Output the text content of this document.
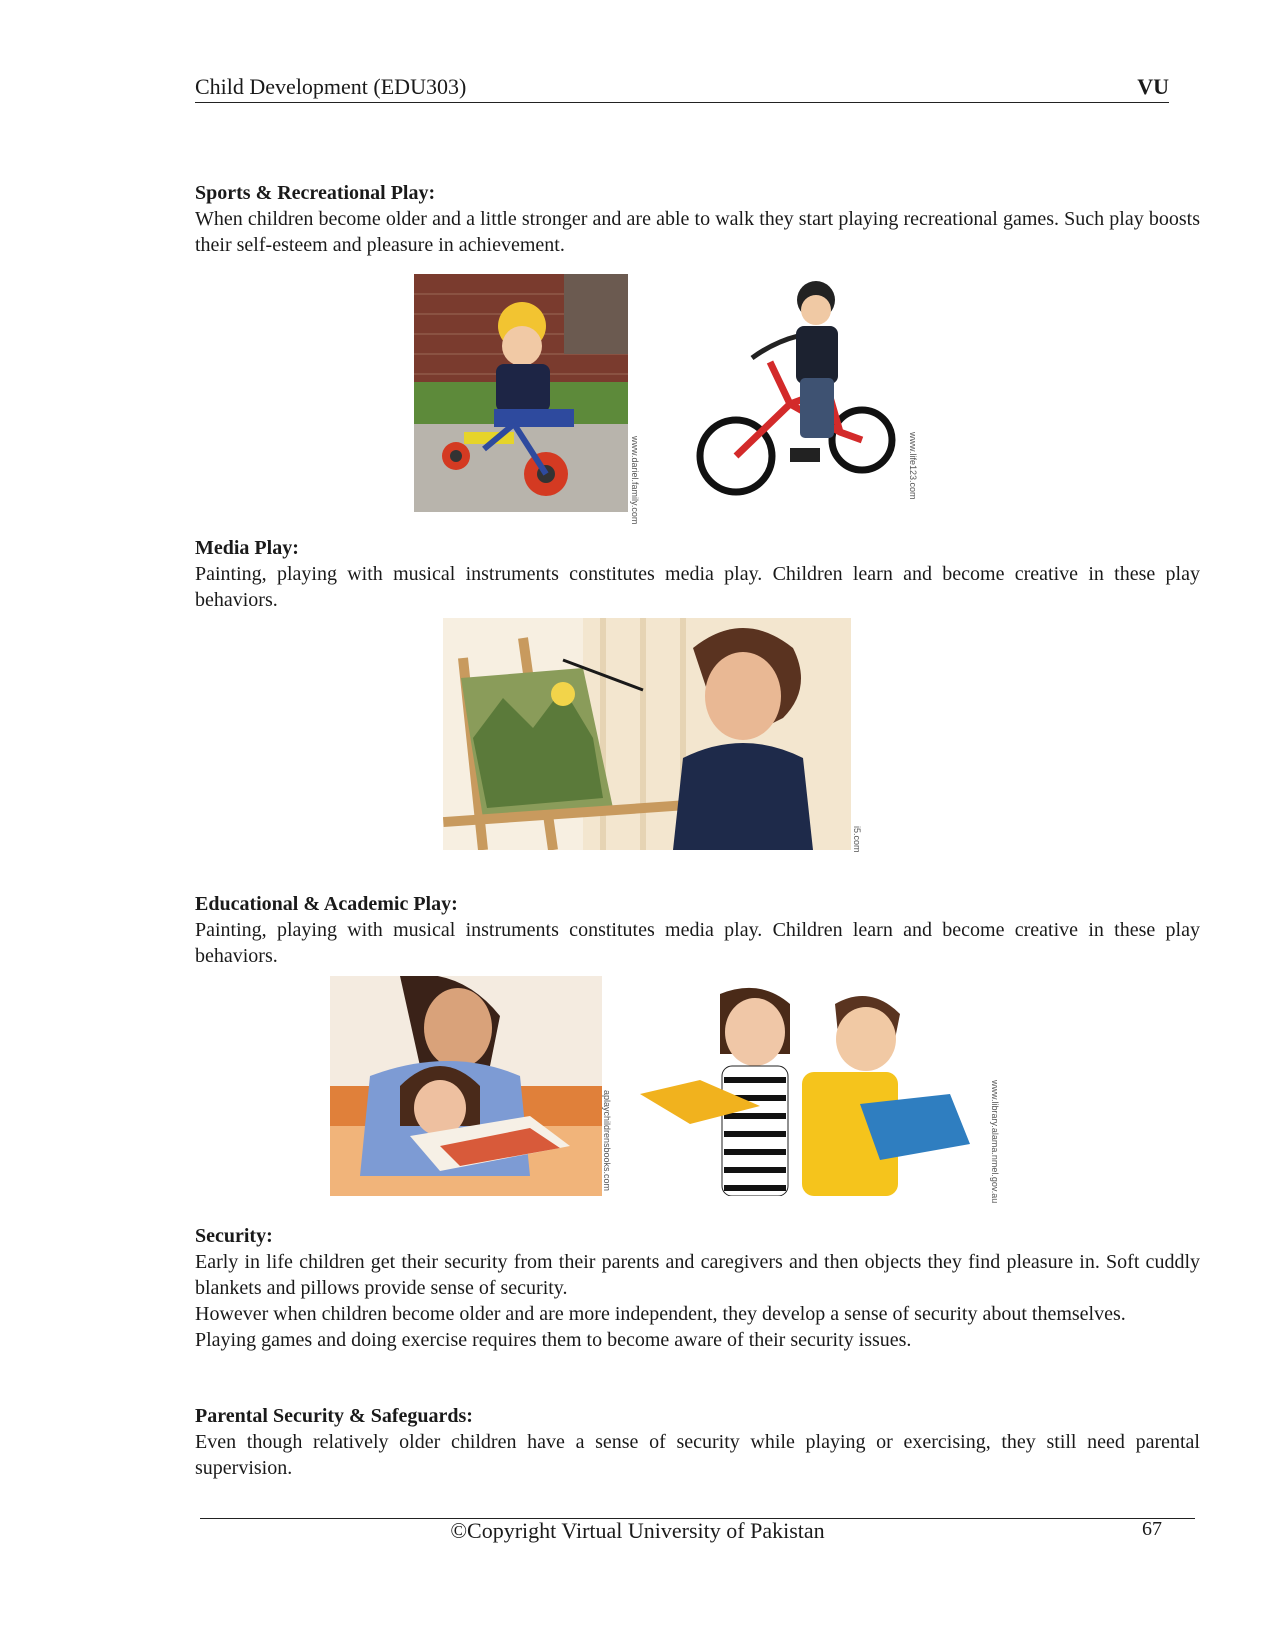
Child Development (EDU303)	VU
Sports & Recreational Play:

When children become older and a little stronger and are able to walk they start playing recreational games. Such play boosts their self-esteem and pleasure in achievement.

www.dariel.family.com	www.life123.com
Media Play:

Painting, playing with musical instruments constitutes media play. Children learn and become creative in these play behaviors.

i5.com
Educational & Academic Play:

Painting, playing with musical instruments constitutes media play. Children learn and become creative in these play behaviors.

aplaychildrensbooks.com	www.library.alama.nmel.gov.au
Security:

Early in life children get their security from their parents and caregivers and then objects they find pleasure in. Soft cuddly blankets and pillows provide sense of security.

However when children become older and are more independent, they develop a sense of security about themselves.

Playing games and doing exercise requires them to become aware of their security issues.

Parental Security & Safeguards:

Even though relatively older children have a sense of security while playing or exercising, they still need parental supervision.

©Copyright Virtual University of Pakistan	67
